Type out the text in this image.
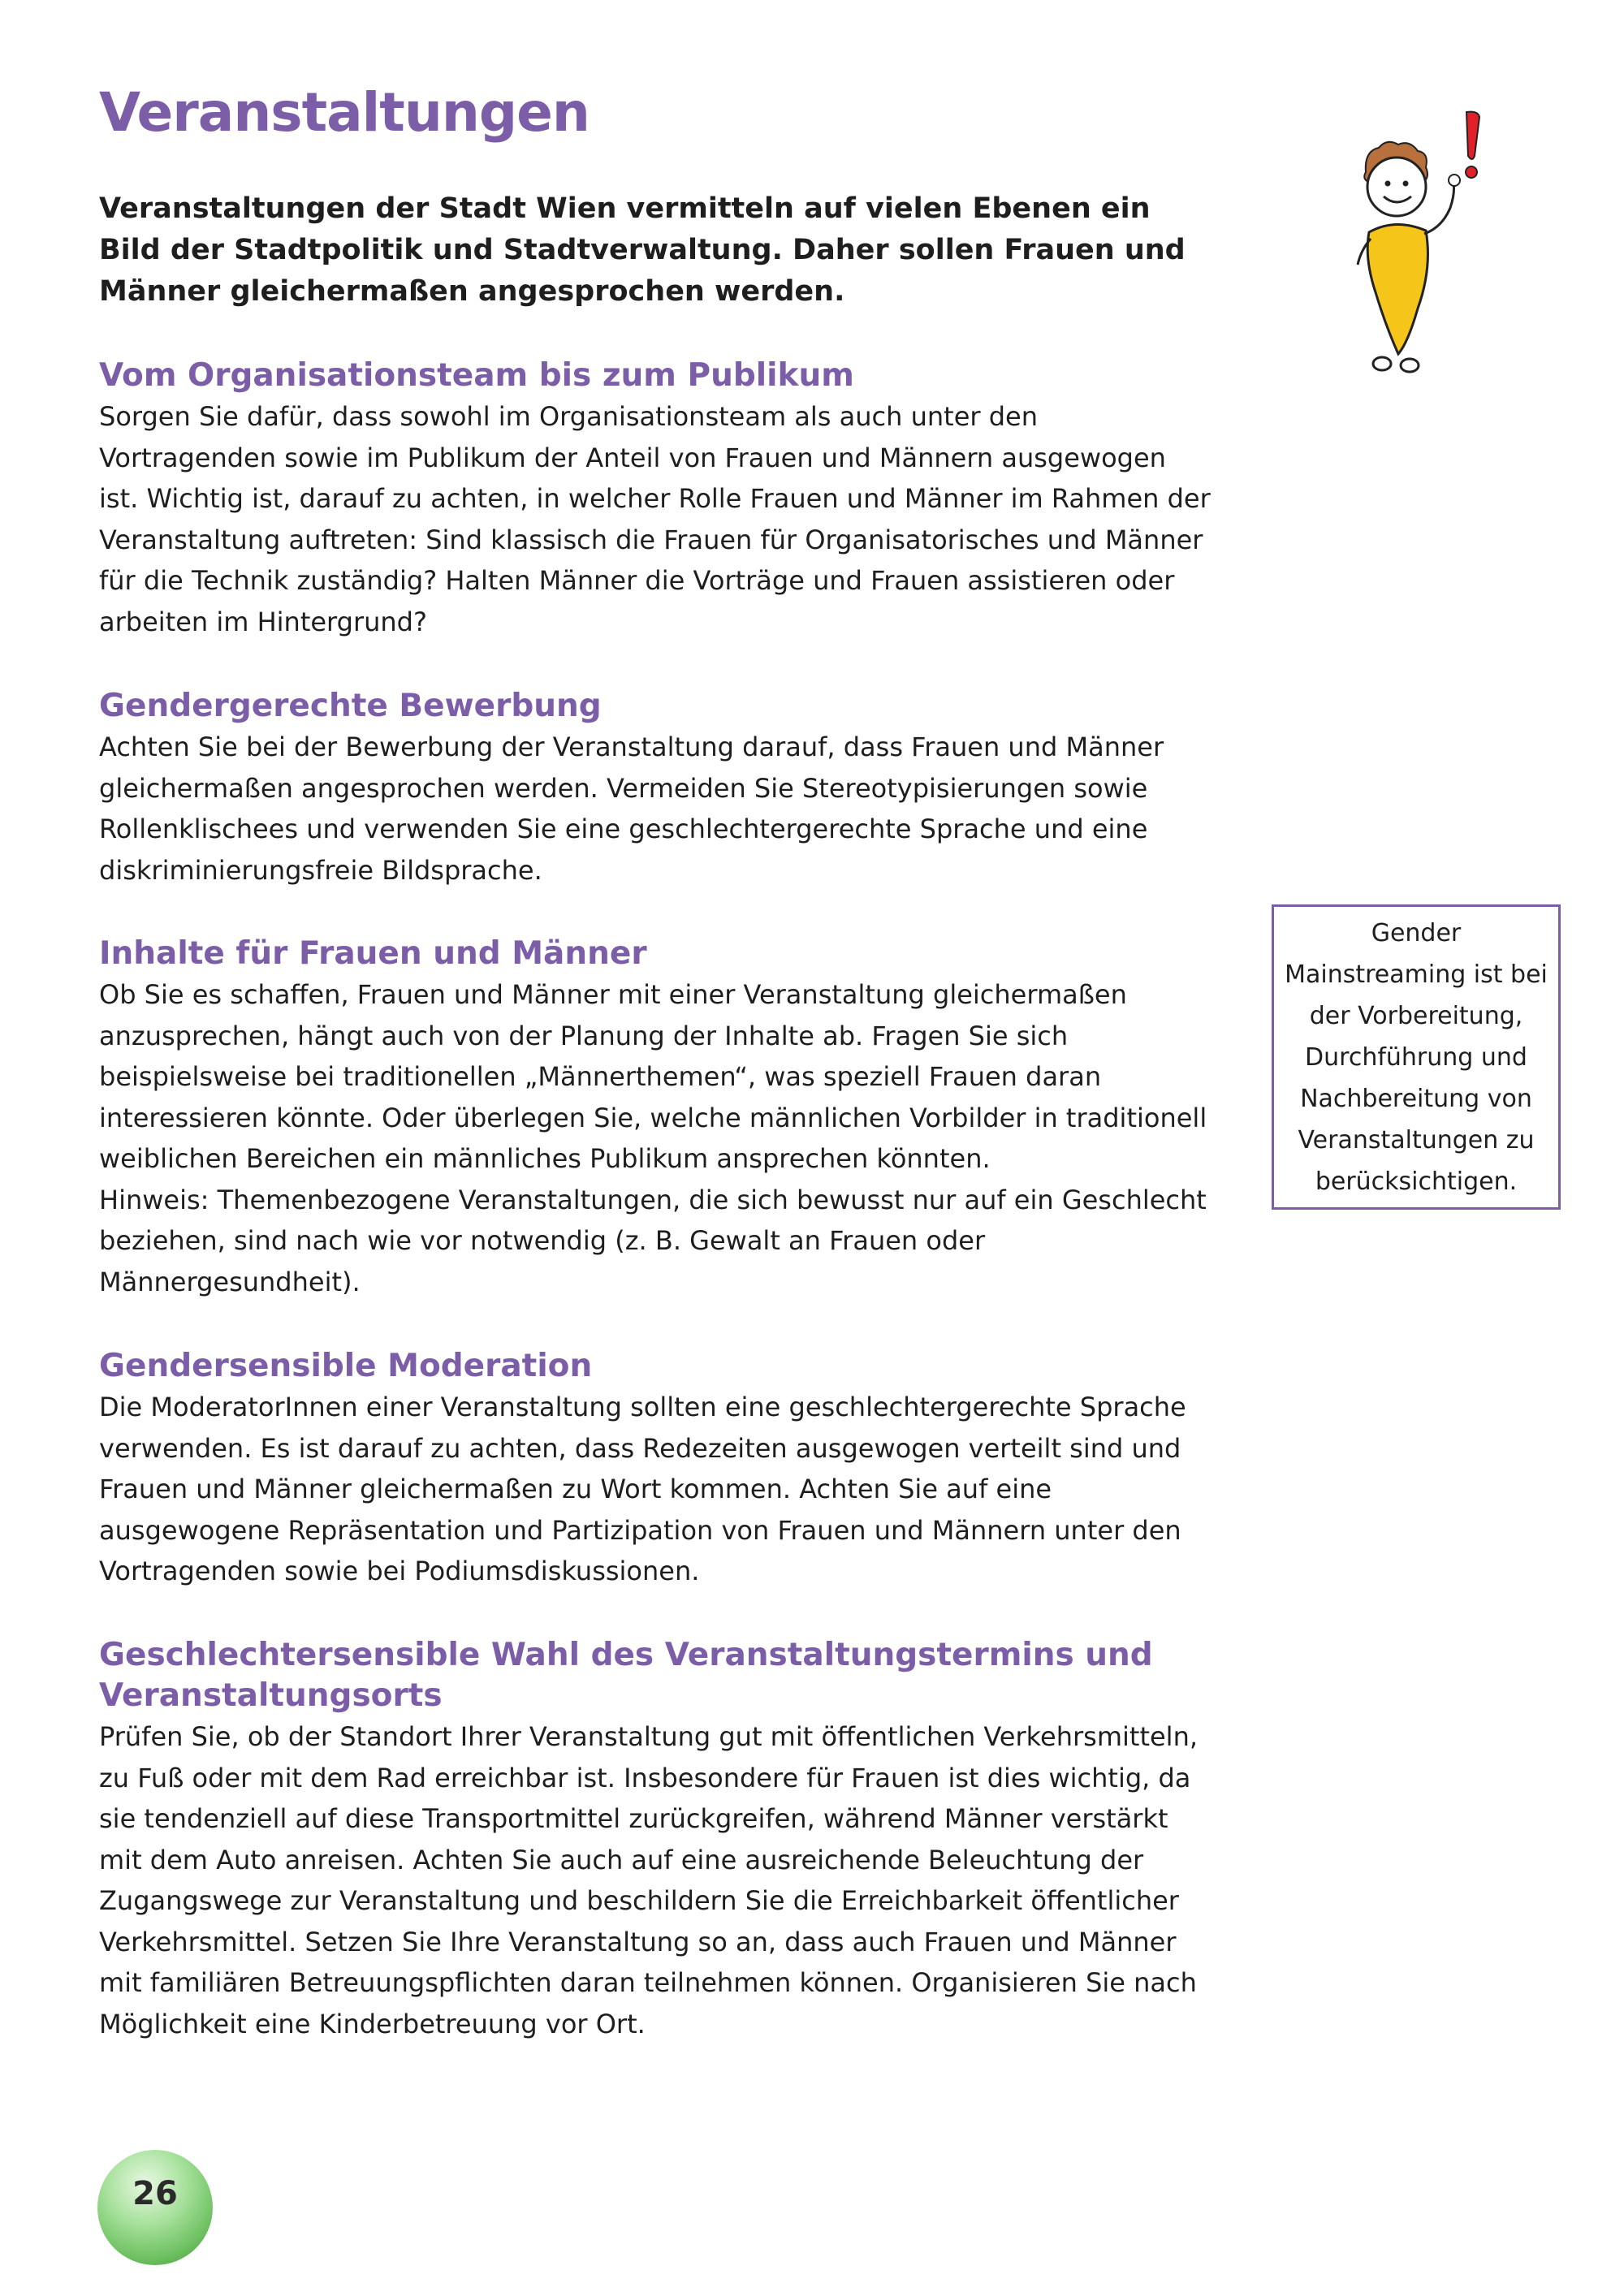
Veranstaltungen

Veranstaltungen der Stadt Wien vermitteln auf vielen Ebenen ein Bild der Stadtpolitik und Stadtverwaltung. Daher sollen Frauen und Männer gleichermaßen angesprochen werden.

Vom Organisationsteam bis zum Publikum

Sorgen Sie dafür, dass sowohl im Organisationsteam als auch unter den Vortragenden sowie im Publikum der Anteil von Frauen und Männern ausgewogen ist. Wichtig ist, darauf zu achten, in welcher Rolle Frauen und Männer im Rahmen der Veranstaltung auftreten: Sind klassisch die Frauen für Organisatorisches und Männer für die Technik zuständig? Halten Männer die Vorträge und Frauen assistieren oder arbeiten im Hintergrund?

Gendergerechte Bewerbung

Achten Sie bei der Bewerbung der Veranstaltung darauf, dass Frauen und Männer gleichermaßen angesprochen werden. Vermeiden Sie Stereotypisierungen sowie Rollenklischees und verwenden Sie eine geschlechtergerechte Sprache und eine diskriminierungsfreie Bildsprache.

Inhalte für Frauen und Männer

Ob Sie es schaffen, Frauen und Männer mit einer Veranstaltung gleichermaßen anzusprechen, hängt auch von der Planung der Inhalte ab. Fragen Sie sich beispielsweise bei traditionellen „Männerthemen“, was speziell Frauen daran interessieren könnte. Oder überlegen Sie, welche männlichen Vorbilder in traditionell weiblichen Bereichen ein männliches Publikum ansprechen könnten.

Hinweis: Themenbezogene Veranstaltungen, die sich bewusst nur auf ein Geschlecht beziehen, sind nach wie vor notwendig (z. B. Gewalt an Frauen oder Männergesundheit).

Gendersensible Moderation

Die ModeratorInnen einer Veranstaltung sollten eine geschlechtergerechte Sprache verwenden. Es ist darauf zu achten, dass Redezeiten ausgewogen verteilt sind und Frauen und Männer gleichermaßen zu Wort kommen. Achten Sie auf eine ausgewogene Repräsentation und Partizipation von Frauen und Männern unter den Vortragenden sowie bei Podiumsdiskussionen.

Geschlechtersensible Wahl des Veranstaltungstermins und Veranstaltungsorts

Prüfen Sie, ob der Standort Ihrer Veranstaltung gut mit öffentlichen Verkehrsmitteln, zu Fuß oder mit dem Rad erreichbar ist. Insbesondere für Frauen ist dies wichtig, da sie tendenziell auf diese Transportmittel zurückgreifen, während Männer verstärkt mit dem Auto anreisen. Achten Sie auch auf eine ausreichende Beleuchtung der Zugangswege zur Veranstaltung und beschildern Sie die Erreichbarkeit öffentlicher Verkehrsmittel. Setzen Sie Ihre Veranstaltung so an, dass auch Frauen und Männer mit familiären Betreuungspflichten daran teilnehmen können. Organisieren Sie nach Möglichkeit eine Kinderbetreuung vor Ort.

Gender Mainstreaming ist bei der Vorbereitung, Durchführung und Nachbereitung von Veranstaltungen zu berücksichtigen.

26
